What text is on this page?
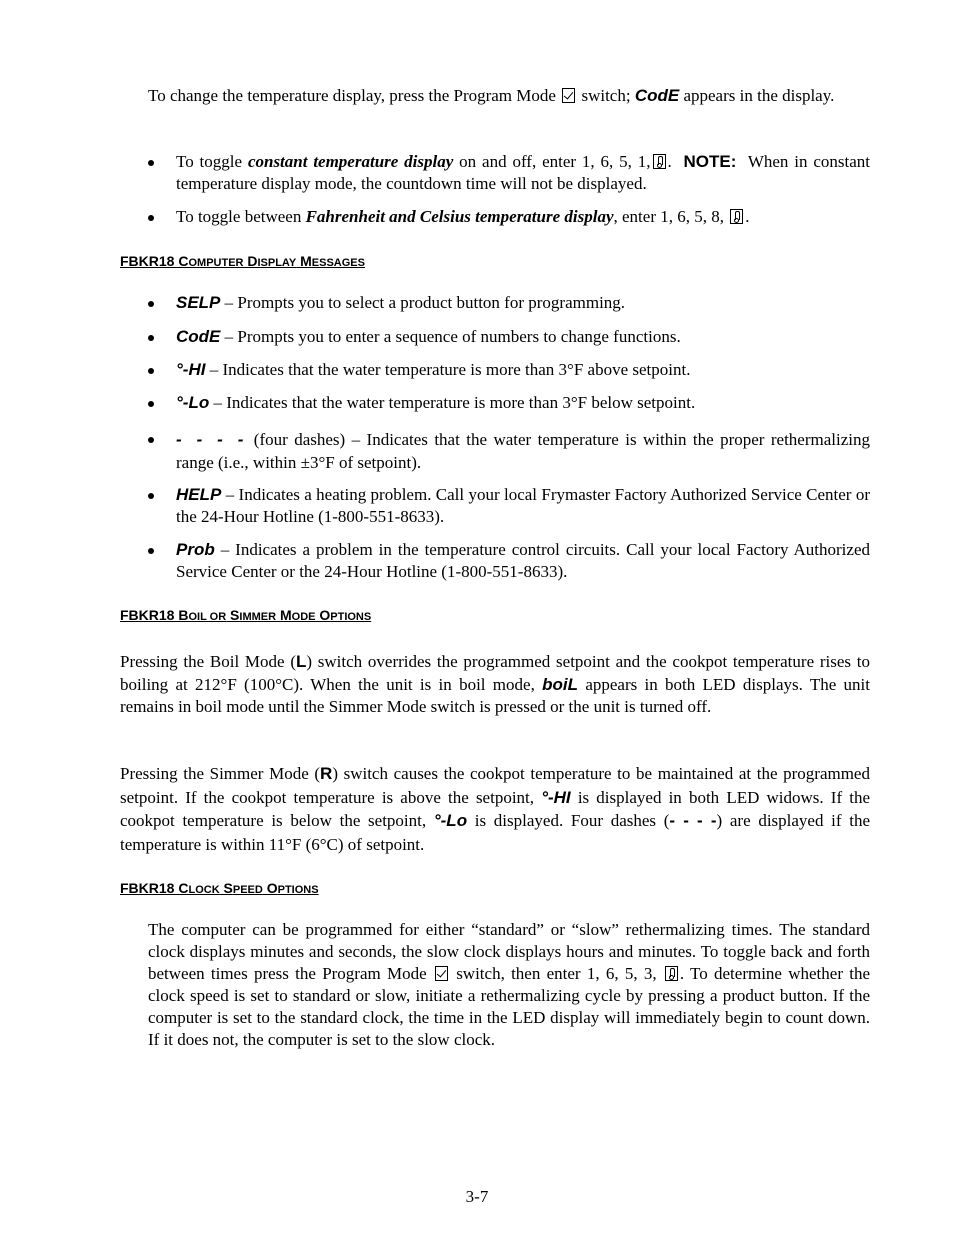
To change the temperature display, press the Program Mode switch; CodE appears in the display.
To toggle constant temperature display on and off, enter 1, 6, 5, 1, . NOTE: When in constant temperature display mode, the countdown time will not be displayed.
To toggle between Fahrenheit and Celsius temperature display, enter 1, 6, 5, 8, .
FBKR18 COMPUTER DISPLAY MESSAGES
SELP – Prompts you to select a product button for programming.
CodE – Prompts you to enter a sequence of numbers to change functions.
°-HI – Indicates that the water temperature is more than 3°F above setpoint.
°-Lo – Indicates that the water temperature is more than 3°F below setpoint.
- - - - (four dashes) – Indicates that the water temperature is within the proper rethermalizing range (i.e., within ±3°F of setpoint).
HELP – Indicates a heating problem. Call your local Frymaster Factory Authorized Service Center or the 24-Hour Hotline (1-800-551-8633).
Prob – Indicates a problem in the temperature control circuits. Call your local Factory Authorized Service Center or the 24-Hour Hotline (1-800-551-8633).
FBKR18 BOIL OR SIMMER MODE OPTIONS
Pressing the Boil Mode (L) switch overrides the programmed setpoint and the cookpot temperature rises to boiling at 212°F (100°C). When the unit is in boil mode, boiL appears in both LED displays. The unit remains in boil mode until the Simmer Mode switch is pressed or the unit is turned off.
Pressing the Simmer Mode (R) switch causes the cookpot temperature to be maintained at the programmed setpoint. If the cookpot temperature is above the setpoint, °-HI is displayed in both LED widows. If the cookpot temperature is below the setpoint, °-Lo is displayed. Four dashes (- - - -) are displayed if the temperature is within 11°F (6°C) of setpoint.
FBKR18 CLOCK SPEED OPTIONS
The computer can be programmed for either “standard” or “slow” rethermalizing times. The standard clock displays minutes and seconds, the slow clock displays hours and minutes. To toggle back and forth between times press the Program Mode switch, then enter 1, 6, 5, 3, . To determine whether the clock speed is set to standard or slow, initiate a rethermalizing cycle by pressing a product button. If the computer is set to the standard clock, the time in the LED display will immediately begin to count down. If it does not, the computer is set to the slow clock.
3-7
